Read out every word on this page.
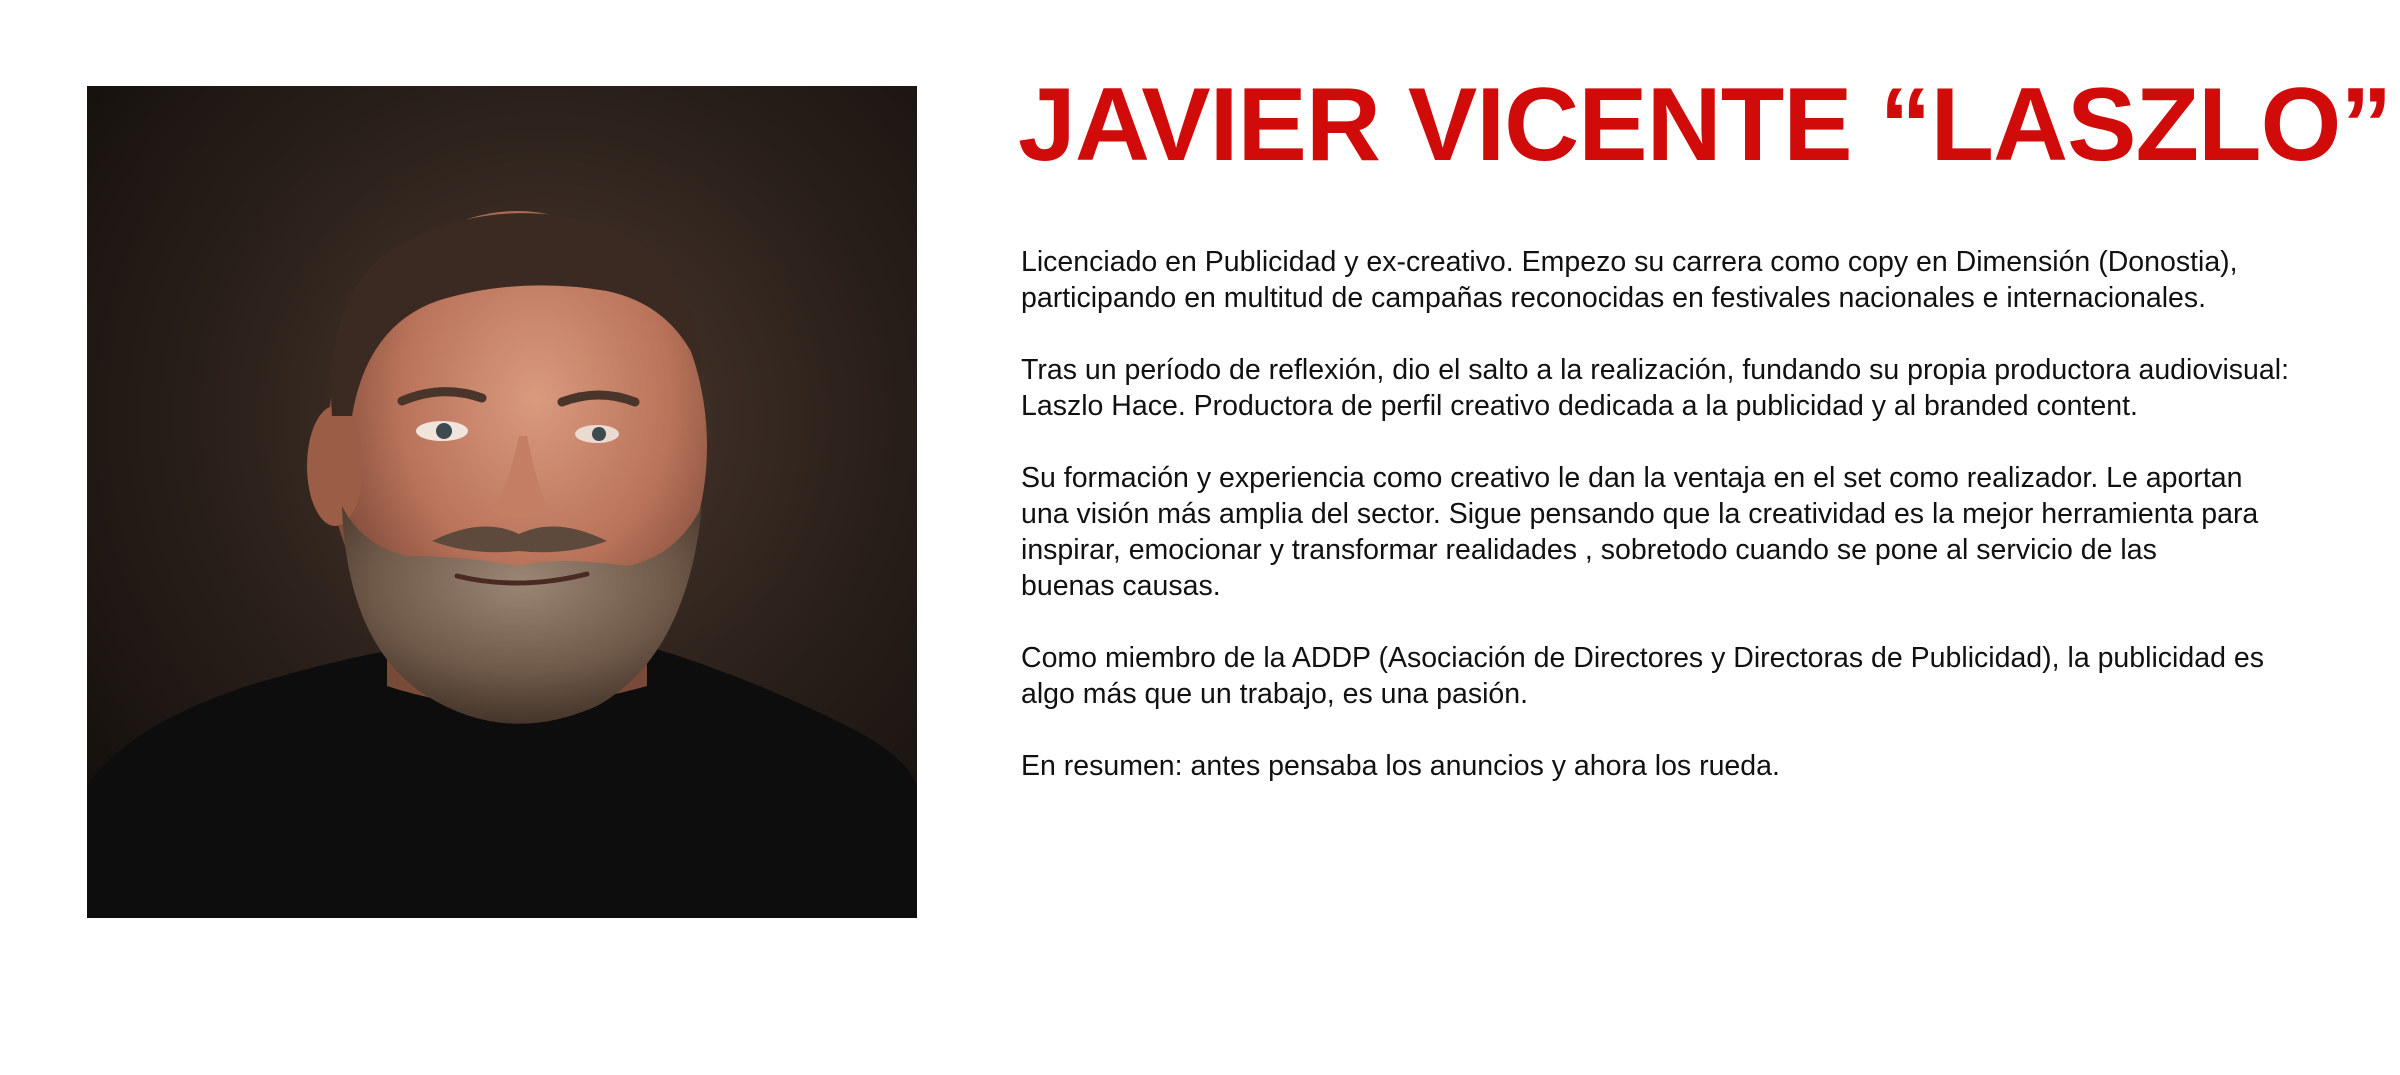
JAVIER VICENTE “LASZLO”

Licenciado en Publicidad y ex-creativo. Empezo su carrera como copy en Dimensión (Donostia),
participando en multitud de campañas reconocidas en festivales nacionales e internacionales.

Tras un período de reflexión, dio el salto a la realización, fundando su propia productora audiovisual:
Laszlo Hace. Productora de perfil creativo dedicada a la publicidad y al branded content.

Su formación y experiencia como creativo le dan la ventaja en el set como realizador. Le aportan
una visión más amplia del sector. Sigue pensando que la creatividad es la mejor herramienta para
inspirar, emocionar y transformar realidades , sobretodo cuando se pone al servicio de las
buenas causas.

Como miembro de la ADDP (Asociación de Directores y Directoras de Publicidad), la publicidad es
algo más que un trabajo, es una pasión.

En resumen: antes pensaba los anuncios y ahora los rueda.
